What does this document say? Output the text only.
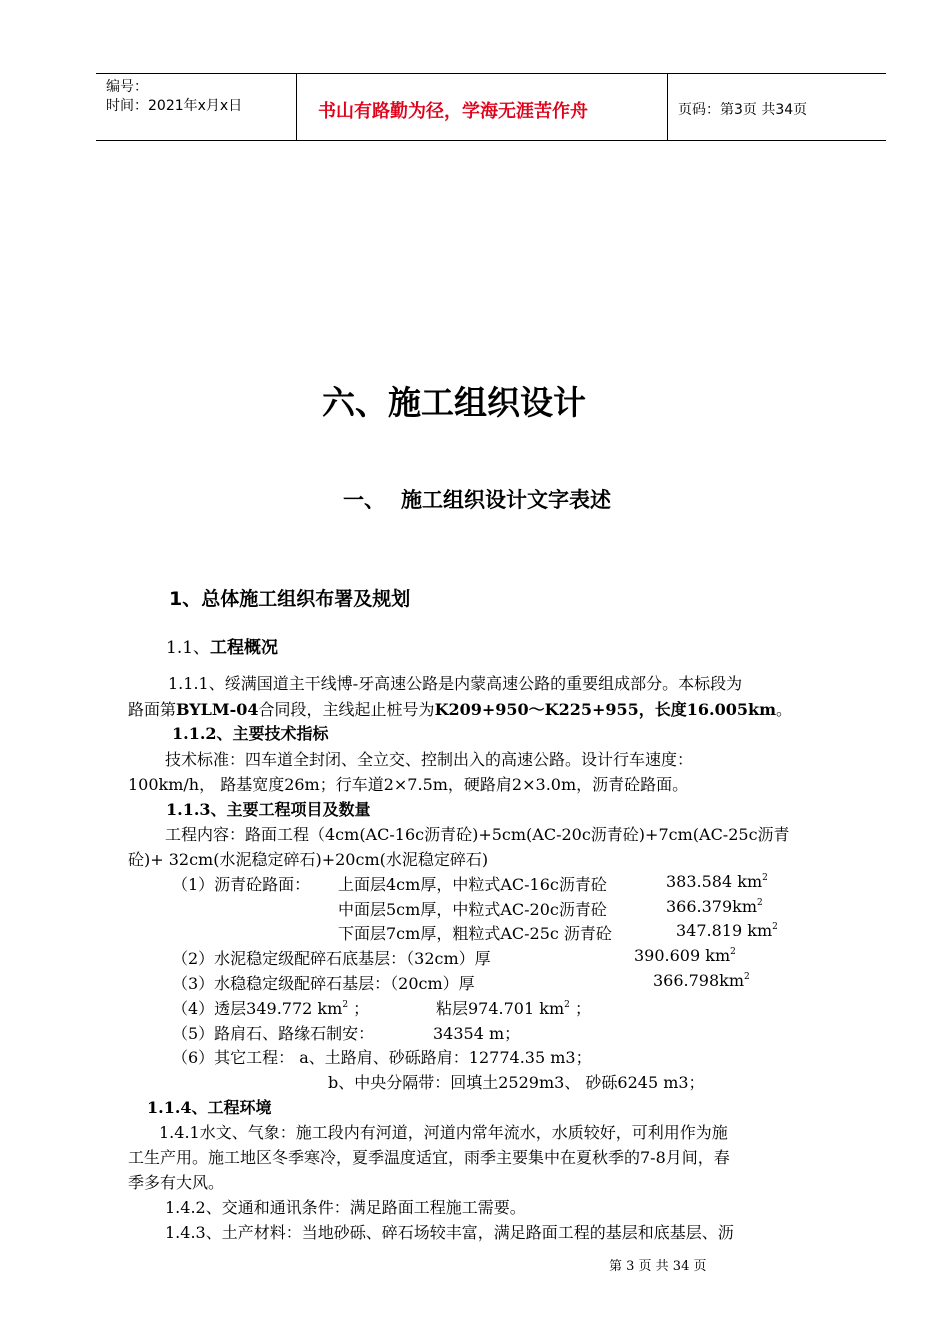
编号：
时间：2021年x月x日	书山有路勤为径，学海无涯苦作舟	页码：第3页 共34页
六、施工组织设计
一、 施工组织设计文字表述
1、总体施工组织布署及规划
1.1、工程概况
1.1.1、绥满国道主干线博-牙高速公路是内蒙高速公路的重要组成部分。本标段为
路面第BYLM-04合同段，主线起止桩号为K209+950～K225+955，长度16.005km。
1.1.2、主要技术指标
技术标准：四车道全封闭、全立交、控制出入的高速公路。设计行车速度：
100km/h， 路基宽度26m；行车道2×7.5m，硬路肩2×3.0m，沥青砼路面。
1.1.3、主要工程项目及数量
工程内容：路面工程（4cm(AC-16c沥青砼)+5cm(AC-20c沥青砼)+7cm(AC-25c沥青
砼)+ 32cm(水泥稳定碎石)+20cm(水泥稳定碎石)
（1）沥青砼路面： 上面层4cm厚，中粒式AC-16c沥青砼	383.584 $km^2$
中面层5cm厚，中粒式AC-20c沥青砼	$366.379km^2$
下面层7cm厚，粗粒式AC-25c 沥青砼	347.819 $km^2$
（2）水泥稳定级配碎石底基层：（32cm）厚	390.609 $km^2$
（3）水稳稳定级配碎石基层：（20cm）厚	$366.798km^2$
（4）透层349.772 $km^2$ ；	粘层974.701 $km^2$ ；
（5）路肩石、路缘石制安：	34354 m；
（6）其它工程： a、土路肩、砂砾路肩：12774.35 m3；
b、中央分隔带：回填土2529m3、 砂砾6245 m3；
1.1.4、工程环境
1.4.1水文、气象：施工段内有河道，河道内常年流水，水质较好，可利用作为施
工生产用。施工地区冬季寒冷，夏季温度适宜，雨季主要集中在夏秋季的7-8月间，春
季多有大风。
1.4.2、交通和通讯条件：满足路面工程施工需要。
1.4.3、土产材料：当地砂砾、碎石场较丰富，满足路面工程的基层和底基层、沥
第 3 页 共 34 页
